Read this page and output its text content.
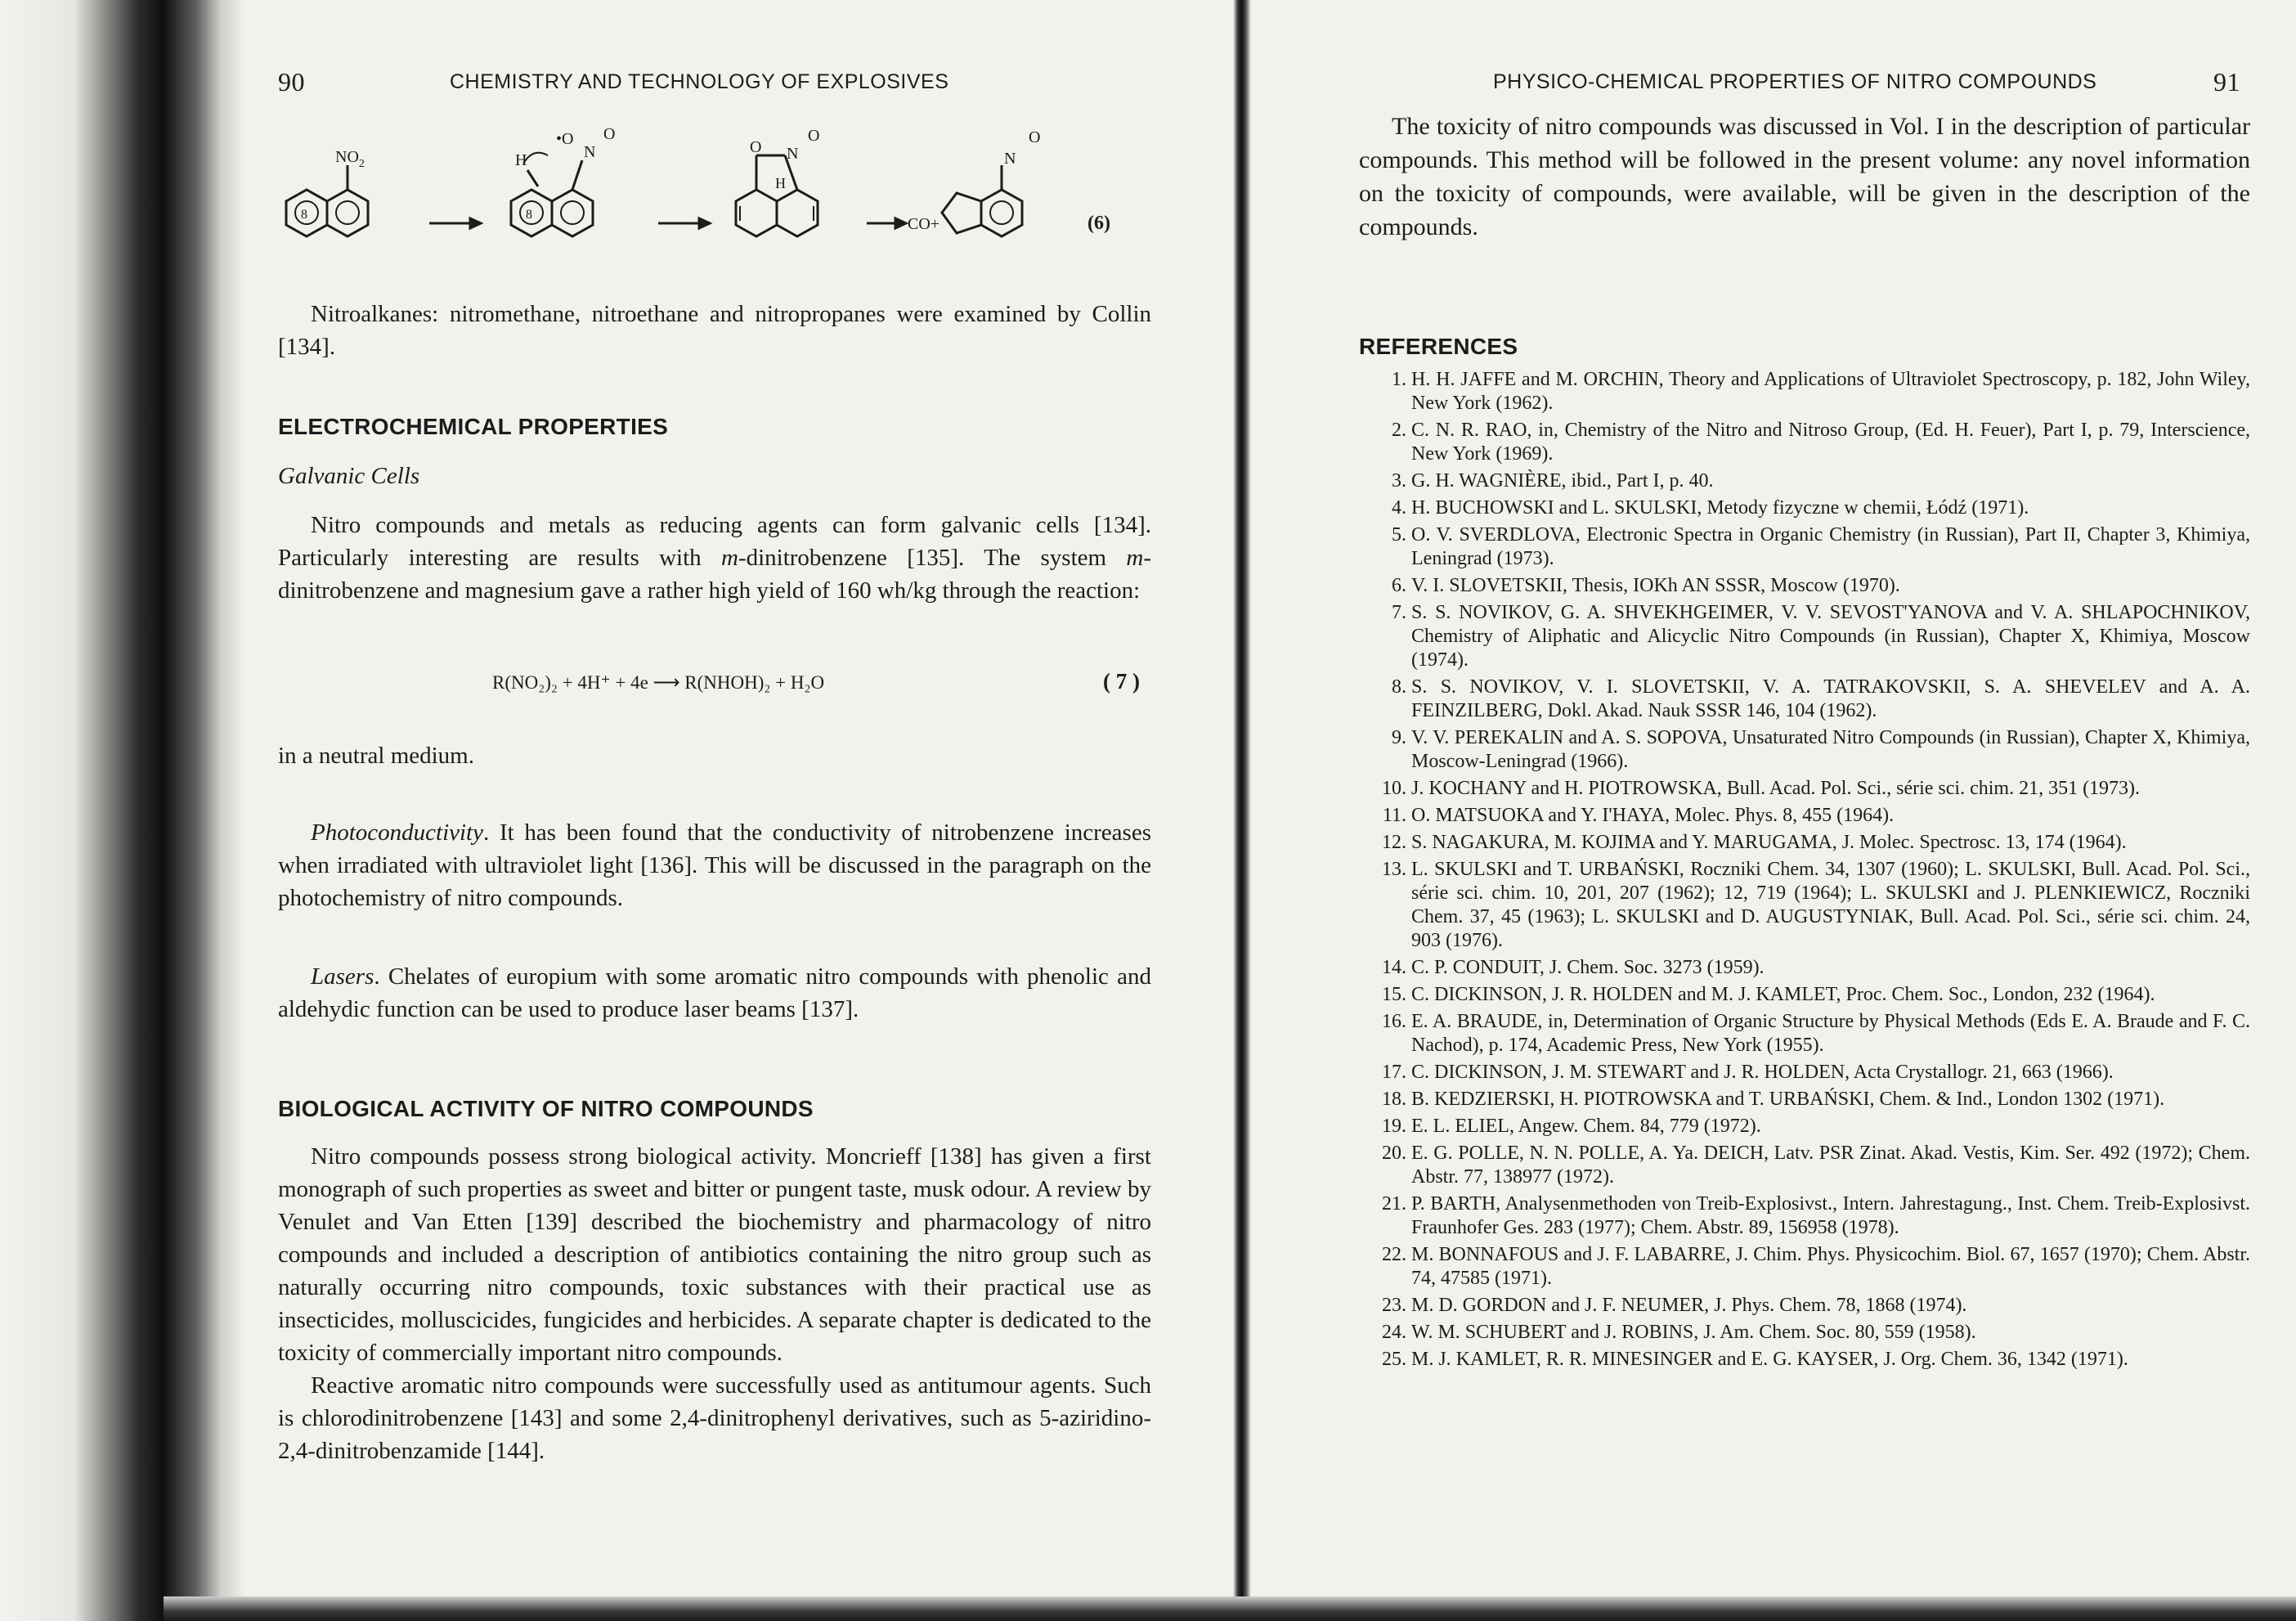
90	CHEMISTRY AND TECHNOLOGY OF EXPLOSIVES
$NO_2$
8	8
H
•O
N
O
O N
O
H
CO+
N
O
(6)

Nitroalkanes: nitromethane, nitroethane and nitropropanes were examined by Collin [134].

ELECTROCHEMICAL PROPERTIES
Galvanic Cells

Nitro compounds and metals as reducing agents can form galvanic cells [134]. Particularly interesting are results with m-dinitrobenzene [135]. The system m-dinitrobenzene and magnesium gave a rather high yield of 160 wh/kg through the reaction:

R(NO₂)₂ + 4H⁺ + 4e ⟶ R(NHOH)₂ + H₂O	( 7 )

in a neutral medium.

Photoconductivity. It has been found that the conductivity of nitrobenzene increases when irradiated with ultraviolet light [136]. This will be discussed in the paragraph on the photochemistry of nitro compounds.

Lasers. Chelates of europium with some aromatic nitro compounds with phenolic and aldehydic function can be used to produce laser beams [137].

BIOLOGICAL ACTIVITY OF NITRO COMPOUNDS

Nitro compounds possess strong biological activity. Moncrieff [138] has given a first monograph of such properties as sweet and bitter or pungent taste, musk odour. A review by Venulet and Van Etten [139] described the biochemistry and pharmacology of nitro compounds and included a description of antibiotics containing the nitro group such as naturally occurring nitro compounds, toxic substances with their practical use as insecticides, molluscicides, fungicides and herbicides. A separate chapter is dedicated to the toxicity of commercially important nitro compounds.

Reactive aromatic nitro compounds were successfully used as antitumour agents. Such is chlorodinitrobenzene [143] and some 2,4-dinitrophenyl derivatives, such as 5-aziridino-2,4-dinitrobenzamide [144].

PHYSICO-CHEMICAL PROPERTIES OF NITRO COMPOUNDS	91

The toxicity of nitro compounds was discussed in Vol. I in the description of particular compounds. This method will be followed in the present volume: any novel information on the toxicity of compounds, were available, will be given in the description of the compounds.

REFERENCES
1. H. H. JAFFE and M. ORCHIN, Theory and Applications of Ultraviolet Spectroscopy, p. 182, John Wiley, New York (1962).
2. C. N. R. RAO, in, Chemistry of the Nitro and Nitroso Group, (Ed. H. Feuer), Part I, p. 79, Interscience, New York (1969).
3. G. H. WAGNIÈRE, ibid., Part I, p. 40.
4. H. BUCHOWSKI and L. SKULSKI, Metody fizyczne w chemii, Łódź (1971).
5. O. V. SVERDLOVA, Electronic Spectra in Organic Chemistry (in Russian), Part II, Chapter 3, Khimiya, Leningrad (1973).
6. V. I. SLOVETSKII, Thesis, IOKh AN SSSR, Moscow (1970).
7. S. S. NOVIKOV, G. A. SHVEKHGEIMER, V. V. SEVOST'YANOVA and V. A. SHLAPOCHNIKOV, Chemistry of Aliphatic and Alicyclic Nitro Compounds (in Russian), Chapter X, Khimiya, Moscow (1974).
8. S. S. NOVIKOV, V. I. SLOVETSKII, V. A. TATRAKOVSKII, S. A. SHEVELEV and A. A. FEINZILBERG, Dokl. Akad. Nauk SSSR 146, 104 (1962).
9. V. V. PEREKALIN and A. S. SOPOVA, Unsaturated Nitro Compounds (in Russian), Chapter X, Khimiya, Moscow-Leningrad (1966).
10. J. KOCHANY and H. PIOTROWSKA, Bull. Acad. Pol. Sci., série sci. chim. 21, 351 (1973).
11. O. MATSUOKA and Y. I'HAYA, Molec. Phys. 8, 455 (1964).
12. S. NAGAKURA, M. KOJIMA and Y. MARUGAMA, J. Molec. Spectrosc. 13, 174 (1964).
13. L. SKULSKI and T. URBAŃSKI, Roczniki Chem. 34, 1307 (1960); L. SKULSKI, Bull. Acad. Pol. Sci., série sci. chim. 10, 201, 207 (1962); 12, 719 (1964); L. SKULSKI and J. PLENKIEWICZ, Roczniki Chem. 37, 45 (1963); L. SKULSKI and D. AUGUSTYNIAK, Bull. Acad. Pol. Sci., série sci. chim. 24, 903 (1976).
14. C. P. CONDUIT, J. Chem. Soc. 3273 (1959).
15. C. DICKINSON, J. R. HOLDEN and M. J. KAMLET, Proc. Chem. Soc., London, 232 (1964).
16. E. A. BRAUDE, in, Determination of Organic Structure by Physical Methods (Eds E. A. Braude and F. C. Nachod), p. 174, Academic Press, New York (1955).
17. C. DICKINSON, J. M. STEWART and J. R. HOLDEN, Acta Crystallogr. 21, 663 (1966).
18. B. KEDZIERSKI, H. PIOTROWSKA and T. URBAŃSKI, Chem. & Ind., London 1302 (1971).
19. E. L. ELIEL, Angew. Chem. 84, 779 (1972).
20. E. G. POLLE, N. N. POLLE, A. Ya. DEICH, Latv. PSR Zinat. Akad. Vestis, Kim. Ser. 492 (1972); Chem. Abstr. 77, 138977 (1972).
21. P. BARTH, Analysenmethoden von Treib-Explosivst., Intern. Jahrestagung., Inst. Chem. Treib-Explosivst. Fraunhofer Ges. 283 (1977); Chem. Abstr. 89, 156958 (1978).
22. M. BONNAFOUS and J. F. LABARRE, J. Chim. Phys. Physicochim. Biol. 67, 1657 (1970); Chem. Abstr. 74, 47585 (1971).
23. M. D. GORDON and J. F. NEUMER, J. Phys. Chem. 78, 1868 (1974).
24. W. M. SCHUBERT and J. ROBINS, J. Am. Chem. Soc. 80, 559 (1958).
25. M. J. KAMLET, R. R. MINESINGER and E. G. KAYSER, J. Org. Chem. 36, 1342 (1971).
